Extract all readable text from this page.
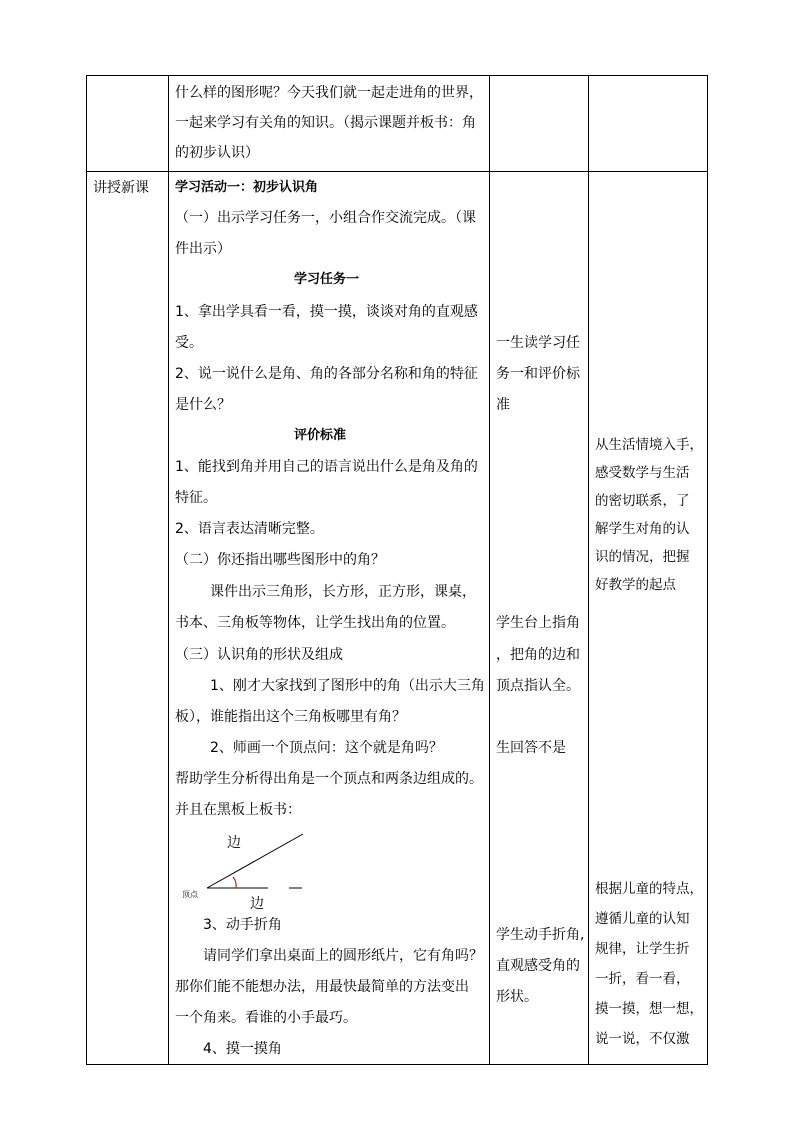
什么样的图形呢？今天我们就一起走进角的世界，
一起来学习有关角的知识。（揭示课题并板书：角
的初步认识）
讲授新课 学习活动一：初步认识角
（一）出示学习任务一，小组合作交流完成。（课
件出示）
学习任务一
1、拿出学具看一看，摸一摸，谈谈对角的直观感
受。
2、说一说什么是角、角的各部分名称和角的特征
是什么？
评价标准
1、能找到角并用自己的语言说出什么是角及角的
特征。
2、语言表达清晰完整。
（二）你还指出哪些图形中的角？
课件出示三角形，长方形，正方形，课桌，
书本、三角板等物体，让学生找出角的位置。
（三）认识角的形状及组成
1、刚才大家找到了图形中的角（出示大三角
板），谁能指出这个三角板哪里有角？
2、师画一个顶点问：这个就是角吗？
帮助学生分析得出角是一个顶点和两条边组成的。
并且在黑板上板书：
边
顶点
边
3、动手折角
请同学们拿出桌面上的圆形纸片，它有角吗？
那你们能不能想办法，用最快最简单的方法变出
一个角来。看谁的小手最巧。
4、摸一摸角
一生读学习任
务一和评价标
准
学生台上指角
，把角的边和
顶点指认全。
生回答不是
学生动手折角,
直观感受角的
形状。
从生活情境入手，
感受数学与生活
的密切联系，了
解学生对角的认
识的情况，把握
好教学的起点
根据儿童的特点，
遵循儿童的认知
规律，让学生折
一折，看一看，
摸一摸，想一想，
说一说，不仅激
